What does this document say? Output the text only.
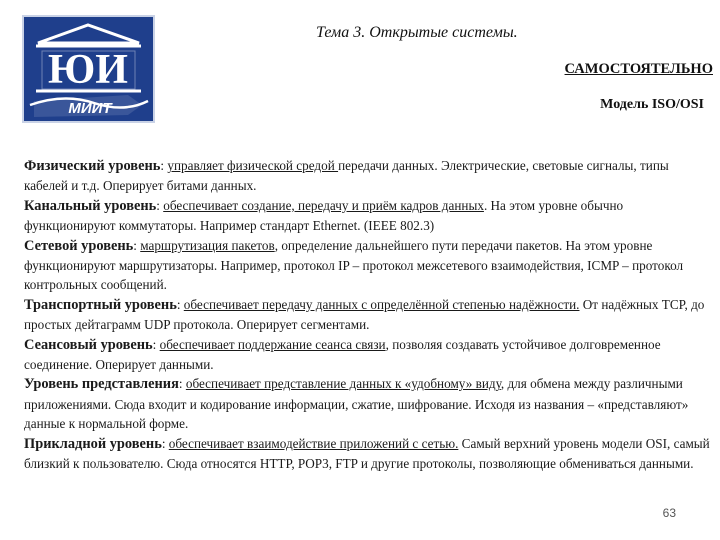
ЮИ
МИИТ
Тема 3. Открытые системы.
САМОСТОЯТЕЛЬНО
Модель ISO/OSI

Физический уровень: управляет физической средой передачи данных. Электрические, световые сигналы, типы кабелей и т.д. Оперирует битами данных.

Канальный уровень: обеспечивает создание, передачу и приём кадров данных. На этом уровне обычно функционируют коммутаторы. Например стандарт Ethernet. (IEEE 802.3)

Сетевой уровень: маршрутизация пакетов, определение дальнейшего пути передачи пакетов. На этом уровне функционируют маршрутизаторы. Например, протокол IP – протокол межсетевого взаимодействия, ICMP – протокол контрольных сообщений.

Транспортный уровень: обеспечивает передачу данных с определённой степенью надёжности. От надёжных TCP, до простых дейтаграмм UDP протокола. Оперирует сегментами.

Сеансовый уровень: обеспечивает поддержание сеанса связи, позволяя создавать устойчивое долговременное соединение. Оперирует данными.

Уровень представления: обеспечивает представление данных к «удобному» виду, для обмена между различными приложениями. Сюда входит и кодирование информации, сжатие, шифрование. Исходя из названия – «представляют» данные к нормальной форме.

Прикладной уровень: обеспечивает взаимодействие приложений с сетью. Самый верхний уровень модели OSI, самый близкий к пользователю. Сюда относятся HTTP, POP3, FTP и другие протоколы, позволяющие обмениваться данными.

63
